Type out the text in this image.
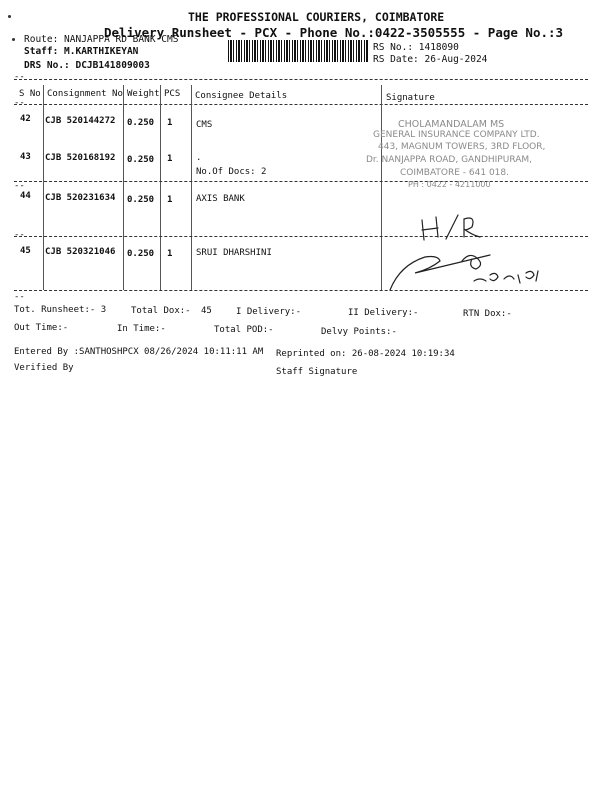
THE PROFESSIONAL COURIERS, COIMBATORE
Delivery Runsheet - PCX - Phone No.:0422-3505555 - Page No.:3
Route: NANJAPPA RD BANK CMS
Staff: M.KARTHIKEYAN
DRS No.: DCJB141809003
RS No.: 1418090
RS Date: 26-Aug-2024
--
S No Consignment No Weight PCS Consignee Details	Signature
--
42 CJB 520144272 0.250 1	CMS
43 CJB 520168192 0.250 1	.
No.Of Docs: 2
--
44 CJB 520231634 0.250 1	AXIS BANK
--
45 CJB 520321046 0.250 1	SRUI DHARSHINI
--
CHOLAMANDALAM MS
GENERAL INSURANCE COMPANY LTD.
443, MAGNUM TOWERS, 3RD FLOOR,
Dr. NANJAPPA ROAD, GANDHIPURAM,
COIMBATORE - 641 018.
PH : 0422 - 4211000
Tot. Runsheet:- 3	Total Dox:- 45	I Delivery:-	II Delivery:-	RTN Dox:-
Out Time:-	In Time:-	Total POD:-	Delvy Points:-
Entered By :SANTHOSHPCX 08/26/2024 10:11:11 AM Reprinted on: 26-08-2024 10:19:34
Verified By	Staff Signature
